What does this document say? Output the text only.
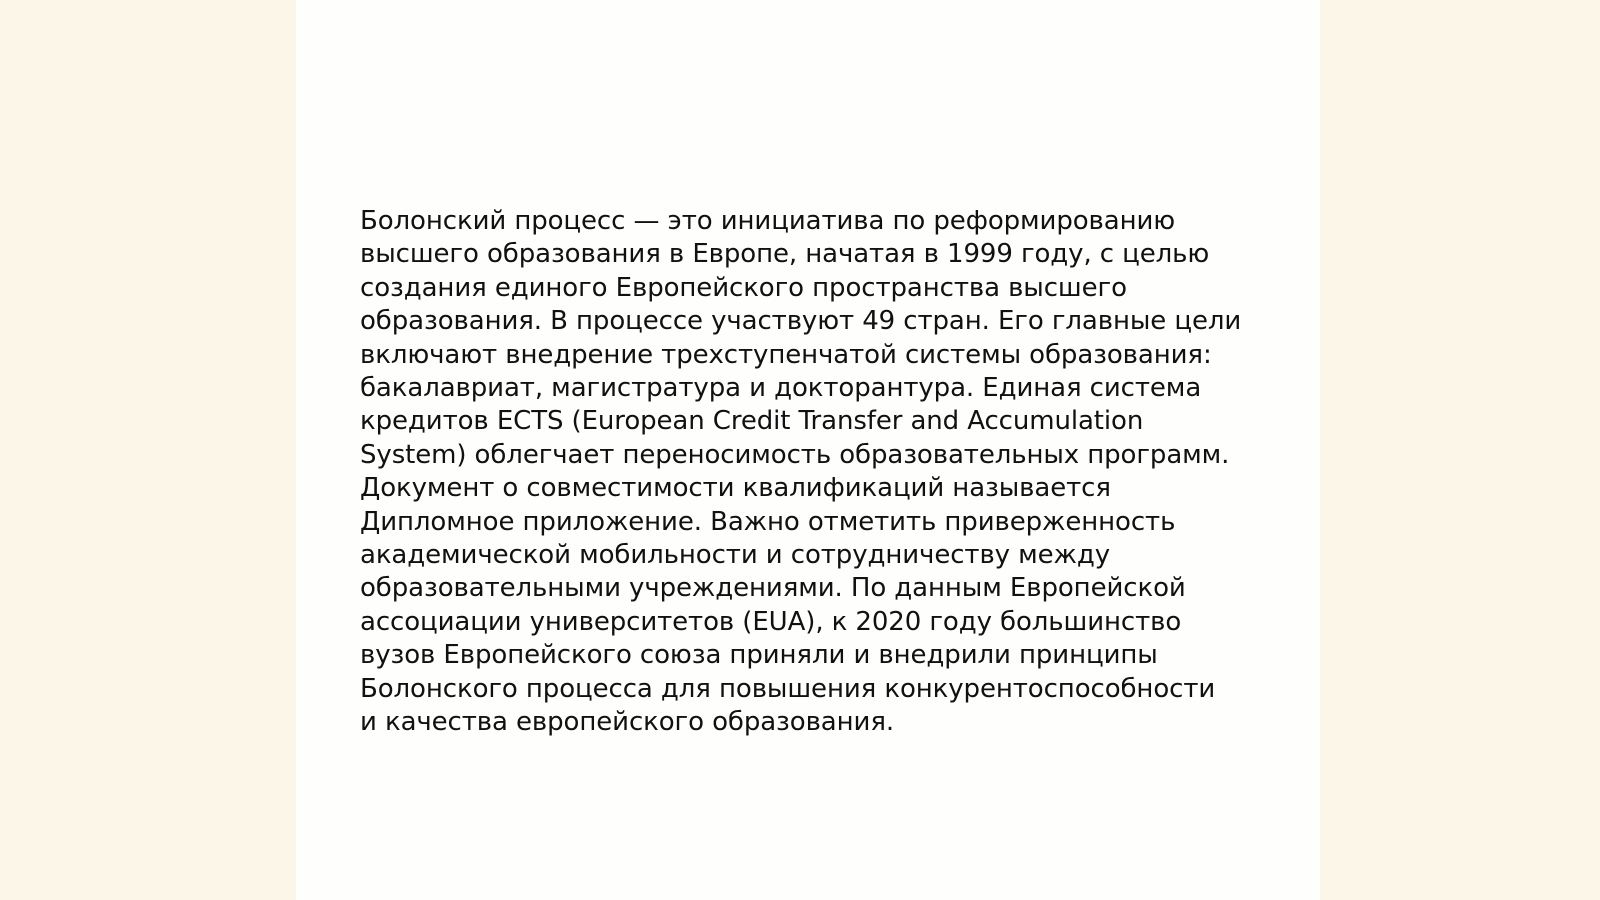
Болонский процесс — это инициатива по реформированию
высшего образования в Европе, начатая в 1999 году, с целью
создания единого Европейского пространства высшего
образования. В процессе участвуют 49 стран. Его главные цели
включают внедрение трехступенчатой системы образования:
бакалавриат, магистратура и докторантура. Единая система
кредитов ECTS (European Credit Transfer and Accumulation
System) облегчает переносимость образовательных программ.
Документ о совместимости квалификаций называется
Дипломное приложение. Важно отметить приверженность
академической мобильности и сотрудничеству между
образовательными учреждениями. По данным Европейской
ассоциации университетов (EUA), к 2020 году большинство
вузов Европейского союза приняли и внедрили принципы
Болонского процесса для повышения конкурентоспособности
и качества европейского образования.
